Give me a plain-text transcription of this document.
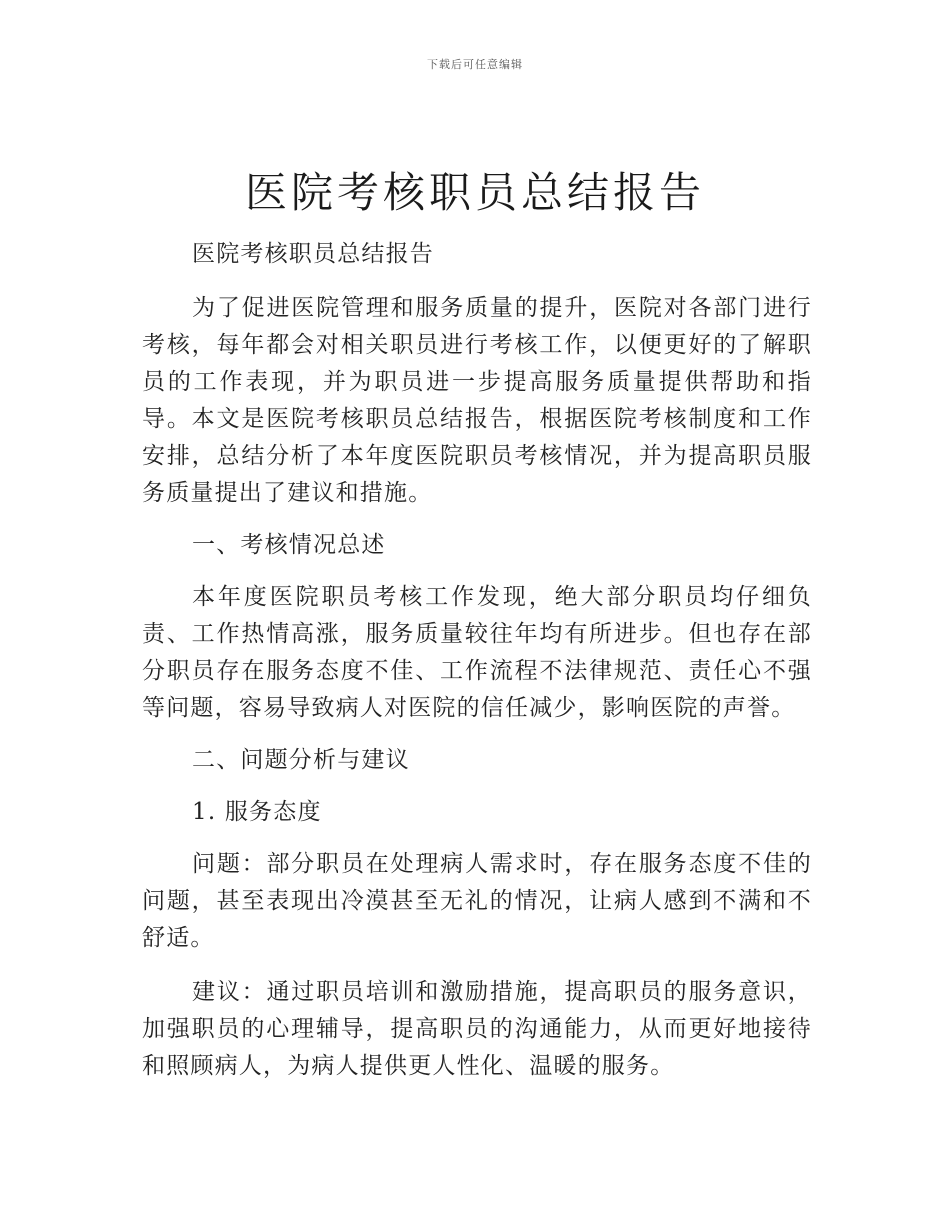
下载后可任意编辑
医院考核职员总结报告

医院考核职员总结报告

为了促进医院管理和服务质量的提升，医院对各部门进行考核，每年都会对相关职员进行考核工作，以便更好的了解职员的工作表现，并为职员进一步提高服务质量提供帮助和指导。本文是医院考核职员总结报告，根据医院考核制度和工作安排，总结分析了本年度医院职员考核情况，并为提高职员服务质量提出了建议和措施。

一、考核情况总述

本年度医院职员考核工作发现，绝大部分职员均仔细负责、工作热情高涨，服务质量较往年均有所进步。但也存在部分职员存在服务态度不佳、工作流程不法律规范、责任心不强等问题，容易导致病人对医院的信任减少，影响医院的声誉。

二、问题分析与建议

1. 服务态度

问题：部分职员在处理病人需求时，存在服务态度不佳的问题，甚至表现出冷漠甚至无礼的情况，让病人感到不满和不舒适。

建议：通过职员培训和激励措施，提高职员的服务意识，加强职员的心理辅导，提高职员的沟通能力，从而更好地接待和照顾病人，为病人提供更人性化、温暖的服务。
